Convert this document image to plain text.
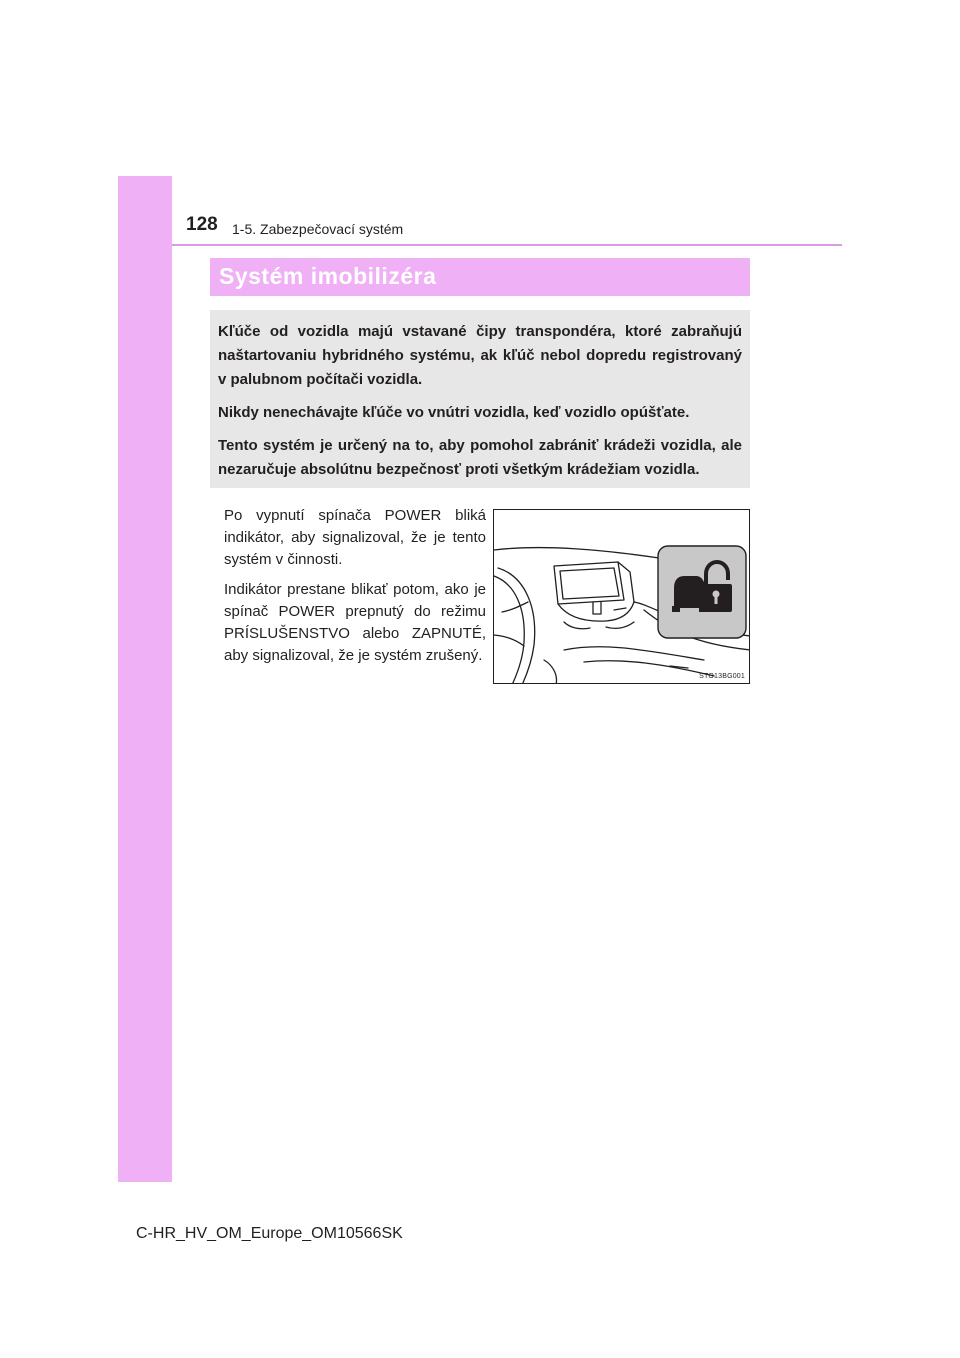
128 1-5. Zabezpečovací systém
Systém imobilizéra

Kľúče od vozidla majú vstavané čipy transpondéra, ktoré zabraňujú naštartovaniu hybridného systému, ak kľúč nebol dopredu registrovaný v palubnom počítači vozidla.

Nikdy nenechávajte kľúče vo vnútri vozidla, keď vozidlo opúšťate.

Tento systém je určený na to, aby pomohol zabrániť krádeži vozidla, ale nezaručuje absolútnu bezpečnosť proti všetkým krádežiam vozidla.

Po vypnutí spínača POWER bliká indikátor, aby signalizoval, že je tento systém v činnosti.

Indikátor prestane blikať potom, ako je spínač POWER prepnutý do režimu PRÍSLUŠENSTVO alebo ZAPNUTÉ, aby signalizoval, že je systém zrušený.

STO13BG001
C-HR_HV_OM_Europe_OM10566SK
